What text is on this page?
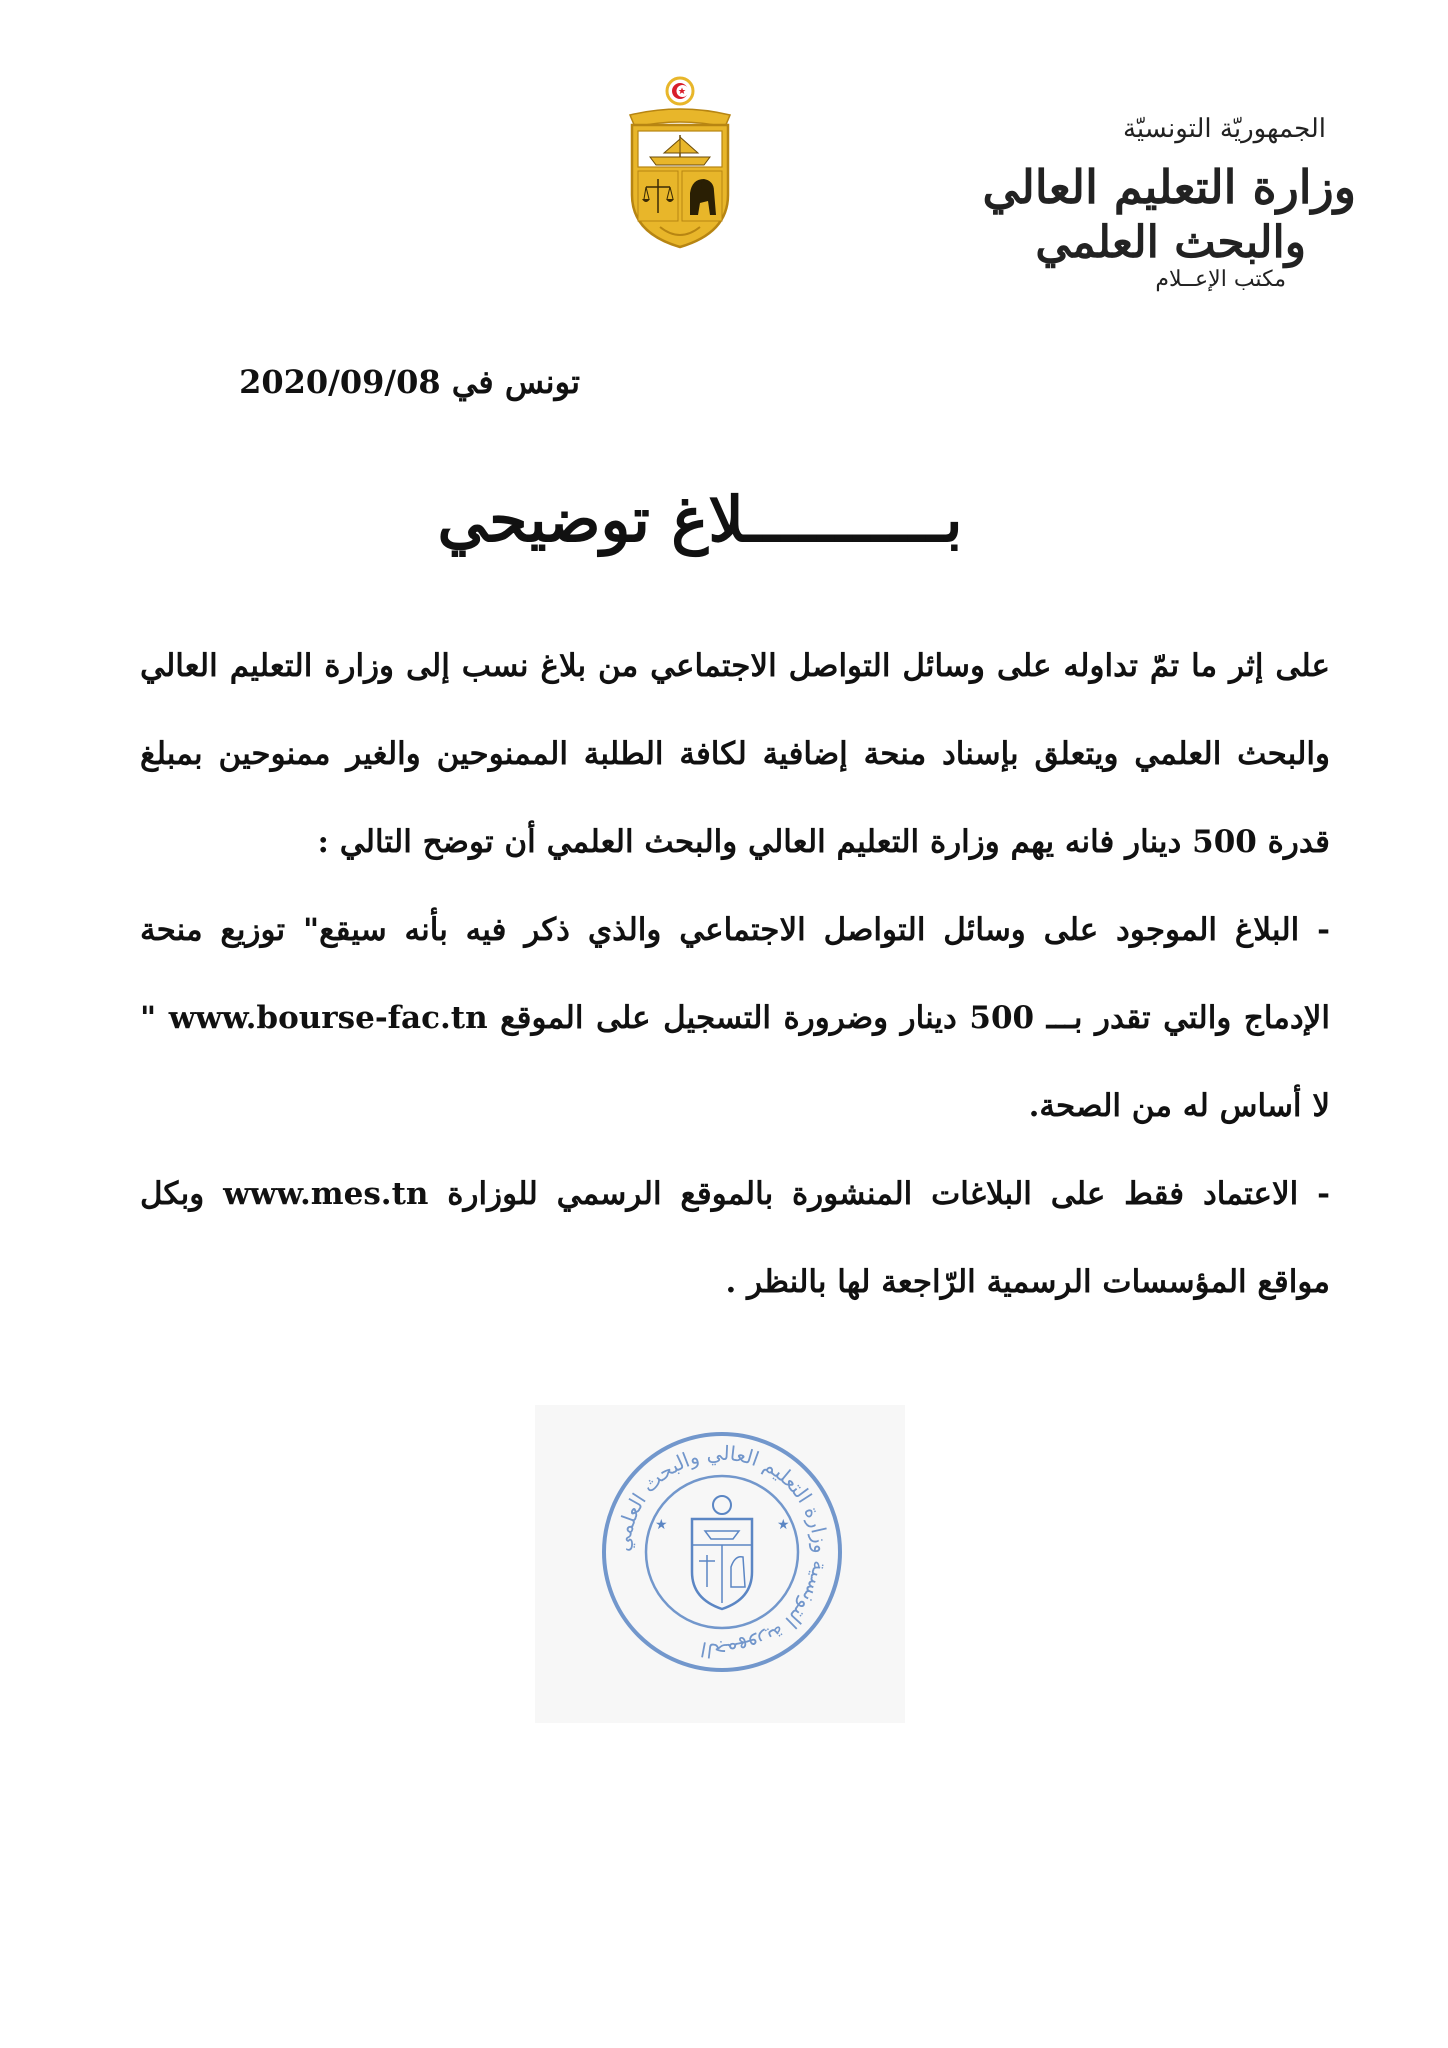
الجمهوريّة التونسيّة
وزارة التعليم العالي
والبحث العلمي
مكتب الإعــلام
تونس في 2020/09/08
بـــــــــــلاغ توضيحي

على إثر ما تمّ تداوله على وسائل التواصل الاجتماعي من بلاغ نسب إلى وزارة التعليم العالي والبحث العلمي ويتعلق بإسناد منحة إضافية لكافة الطلبة الممنوحين والغير ممنوحين بمبلغ قدرة 500 دينار فانه يهم وزارة التعليم العالي والبحث العلمي أن توضح التالي :

- البلاغ الموجود على وسائل التواصل الاجتماعي والذي ذكر فيه بأنه سيقع" توزيع منحة الإدماج والتي تقدر بـــ 500 دينار وضرورة التسجيل على الموقع www.bourse-fac.tn " لا أساس له من الصحة.

- الاعتماد فقط على البلاغات المنشورة بالموقع الرسمي للوزارة www.mes.tn وبكل مواقع المؤسسات الرسمية الرّاجعة لها بالنظر .

الجمهورية التونسية وزارة التعليم العالي والبحث العلمي
★	★
